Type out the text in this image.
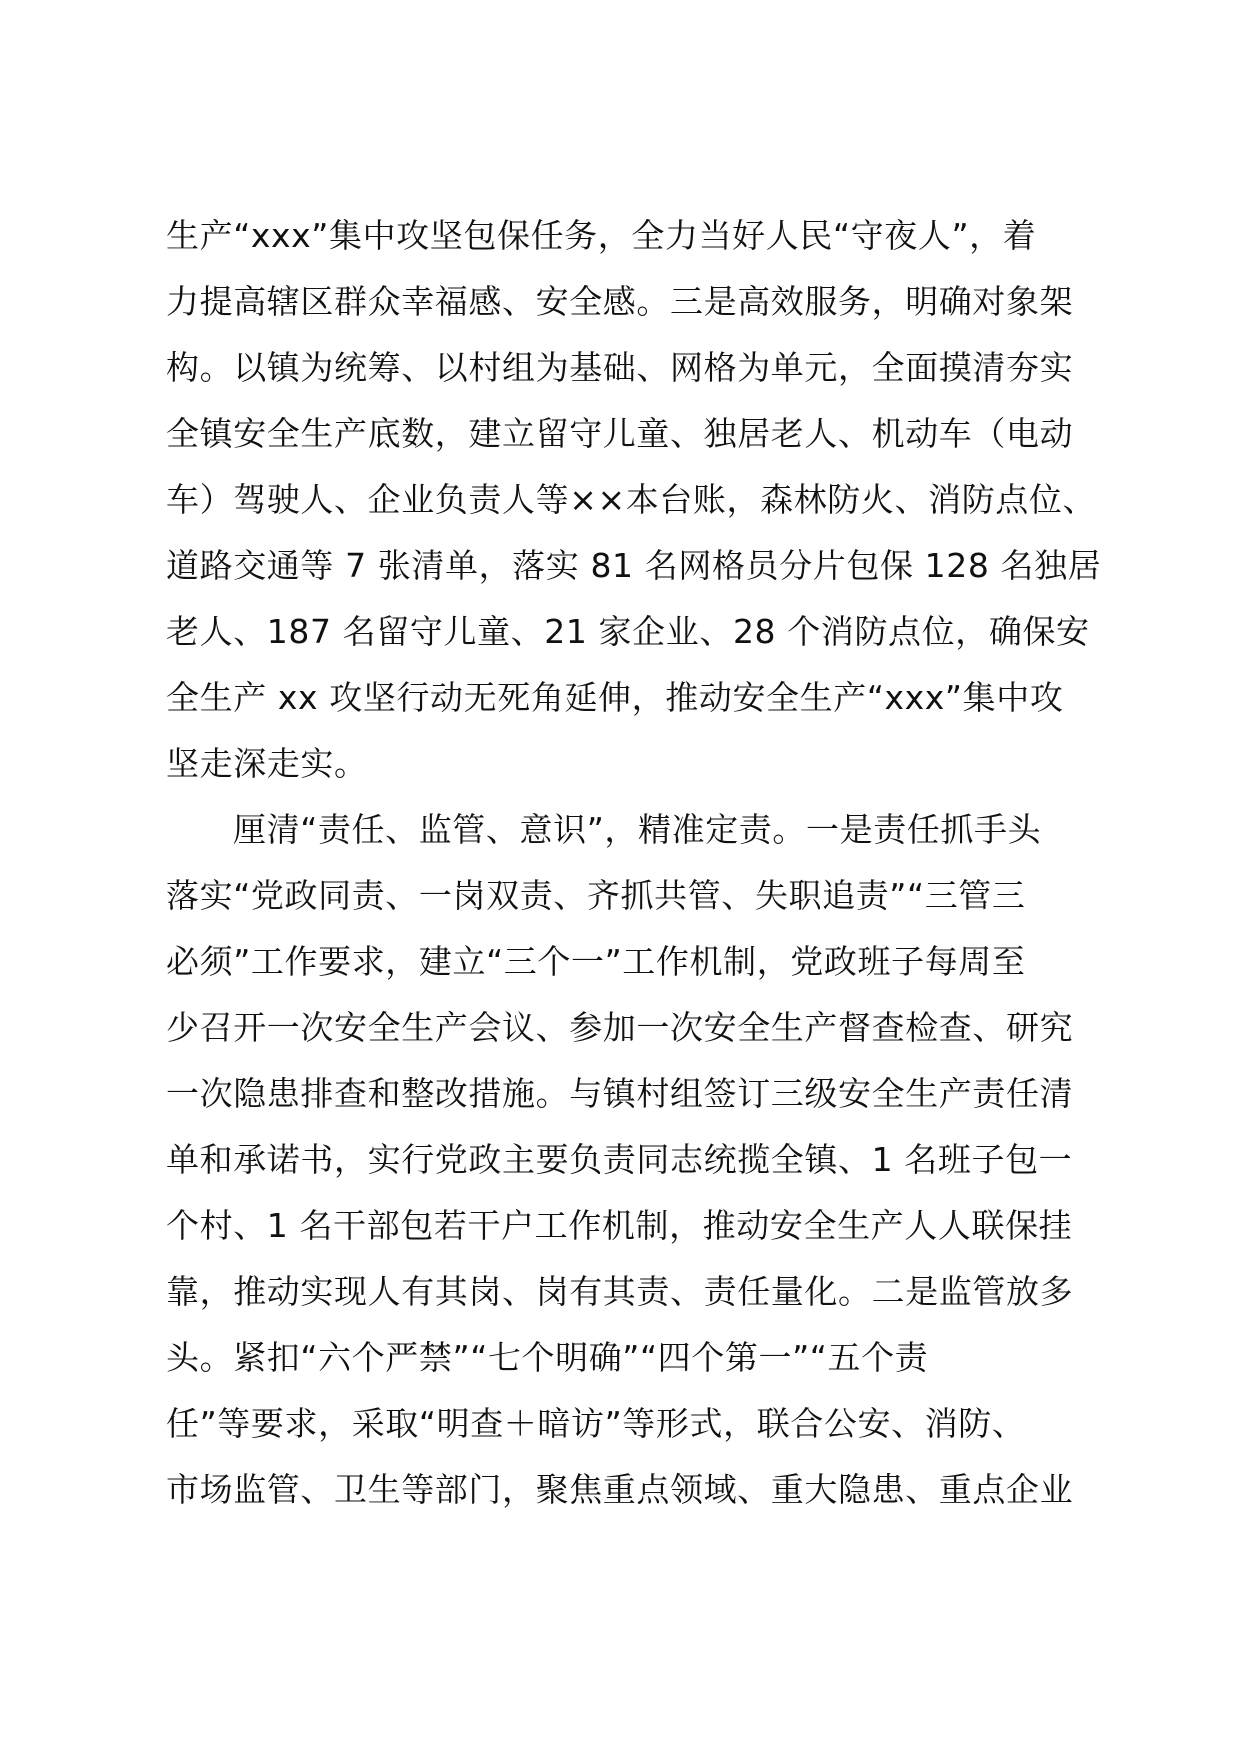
生产“xxx”集中攻坚包保任务，全力当好人民“守夜人”，着
力提高辖区群众幸福感、安全感。三是高效服务，明确对象架
构。以镇为统筹、以村组为基础、网格为单元，全面摸清夯实
全镇安全生产底数，建立留守儿童、独居老人、机动车（电动
车）驾驶人、企业负责人等××本台账，森林防火、消防点位、
道路交通等 7 张清单，落实 81 名网格员分片包保 128 名独居
老人、187 名留守儿童、21 家企业、28 个消防点位，确保安
全生产 xx 攻坚行动无死角延伸，推动安全生产“xxx”集中攻
坚走深走实。
厘清“责任、监管、意识”，精准定责。一是责任抓手头
落实“党政同责、一岗双责、齐抓共管、失职追责”“三管三
必须”工作要求，建立“三个一”工作机制，党政班子每周至
少召开一次安全生产会议、参加一次安全生产督查检查、研究
一次隐患排查和整改措施。与镇村组签订三级安全生产责任清
单和承诺书，实行党政主要负责同志统揽全镇、1 名班子包一
个村、1 名干部包若干户工作机制，推动安全生产人人联保挂
靠，推动实现人有其岗、岗有其责、责任量化。二是监管放多
头。紧扣“六个严禁”“七个明确”“四个第一”“五个责
任”等要求，采取“明查＋暗访”等形式，联合公安、消防、
市场监管、卫生等部门，聚焦重点领域、重大隐患、重点企业
